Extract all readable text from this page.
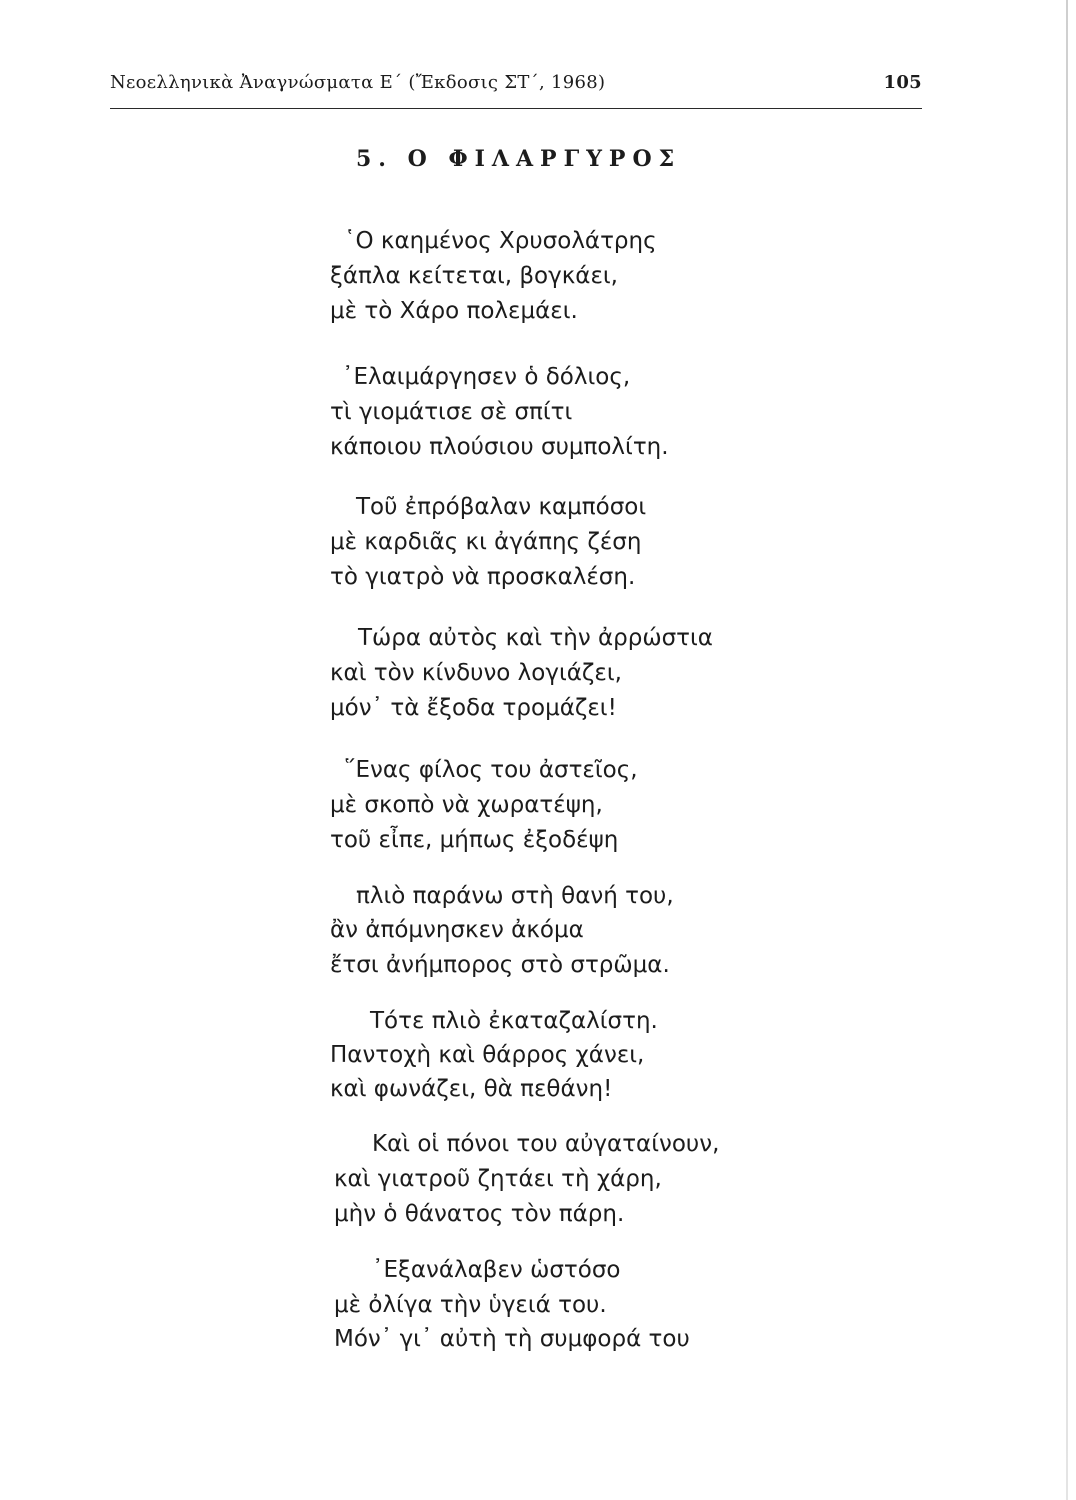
Νεοελληνικὰ Ἀναγνώσματα Ε΄ (Ἔκδοσις ΣΤ΄, 1968)	105
5. Ο ΦΙΛΑΡΓΥΡΟΣ
῾Ο καημένος Χρυσολάτρης
ξάπλα κείτεται, βογκάει,
μὲ τὸ Χάρο πολεμάει.
᾿Ελαιμάργησεν ὁ δόλιος,
τὶ γιομάτισε σὲ σπίτι
κάποιου πλούσιου συμπολίτη.
Τοῦ ἐπρόβαλαν καμπόσοι
μὲ καρδιᾶς κι ἀγάπης ζέση
τὸ γιατρὸ νὰ προσκαλέση.
Τώρα αὐτὸς καὶ τὴν ἀρρώστια
καὶ τὸν κίνδυνο λογιάζει,
μόν᾿ τὰ ἔξοδα τρομάζει!
῞Ενας φίλος του ἀστεῖος,
μὲ σκοπὸ νὰ χωρατέψη,
τοῦ εἶπε, μήπως ἐξοδέψη
πλιὸ παράνω στὴ θανή του,
ἂν ἀπόμνησκεν ἀκόμα
ἔτσι ἀνήμπορος στὸ στρῶμα.
Τότε πλιὸ ἐκαταζαλίστη.
Παντοχὴ καὶ θάρρος χάνει,
καὶ φωνάζει, θὰ πεθάνη!
Καὶ οἱ πόνοι του αὐγαταίνουν,
καὶ γιατροῦ ζητάει τὴ χάρη,
μὴν ὁ θάνατος τὸν πάρη.
᾿Εξανάλαβεν ὡστόσο
μὲ ὀλίγα τὴν ὑγειά του.
Μόν᾿ γι᾿ αὐτὴ τὴ συμφορά του
